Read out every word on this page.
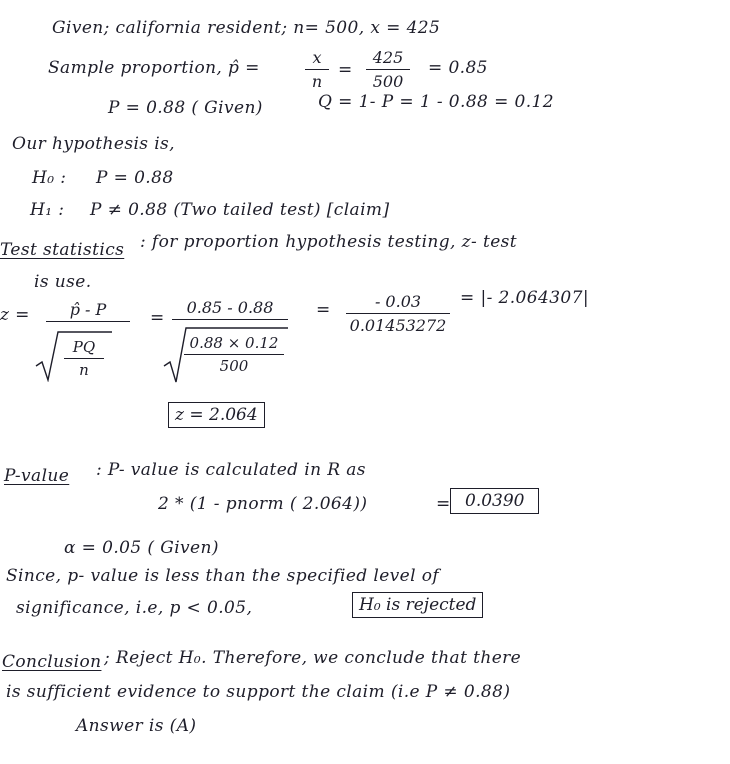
Given; california resident; n= 500, x = 425
Sample proportion, p̂ =
x
n
=
425
500
= 0.85
P = 0.88 ( Given)	Q = 1- P = 1 - 0.88 = 0.12
Our hypothesis is,
H₀ : P = 0.88
H₁ : P ≠ 0.88 (Two tailed test) [claim]
Test statistics : for proportion hypothesis testing, z- test
is use.
z = p̂ - P
PQ
n
=
0.85 - 0.88
0.88 × 0.12
500
=	- 0.03
0.01453272
= |- 2.064307|
z = 2.064
P-value : P- value is calculated in R as
2 * (1 - pnorm ( 2.064))	= 0.0390
α = 0.05 ( Given)
Since, p- value is less than the specified level of
significance, i.e, p < 0.05,	H₀ is rejected
Conclusion ; Reject H₀. Therefore, we conclude that there
is sufficient evidence to support the claim (i.e P ≠ 0.88)
Answer is (A)
